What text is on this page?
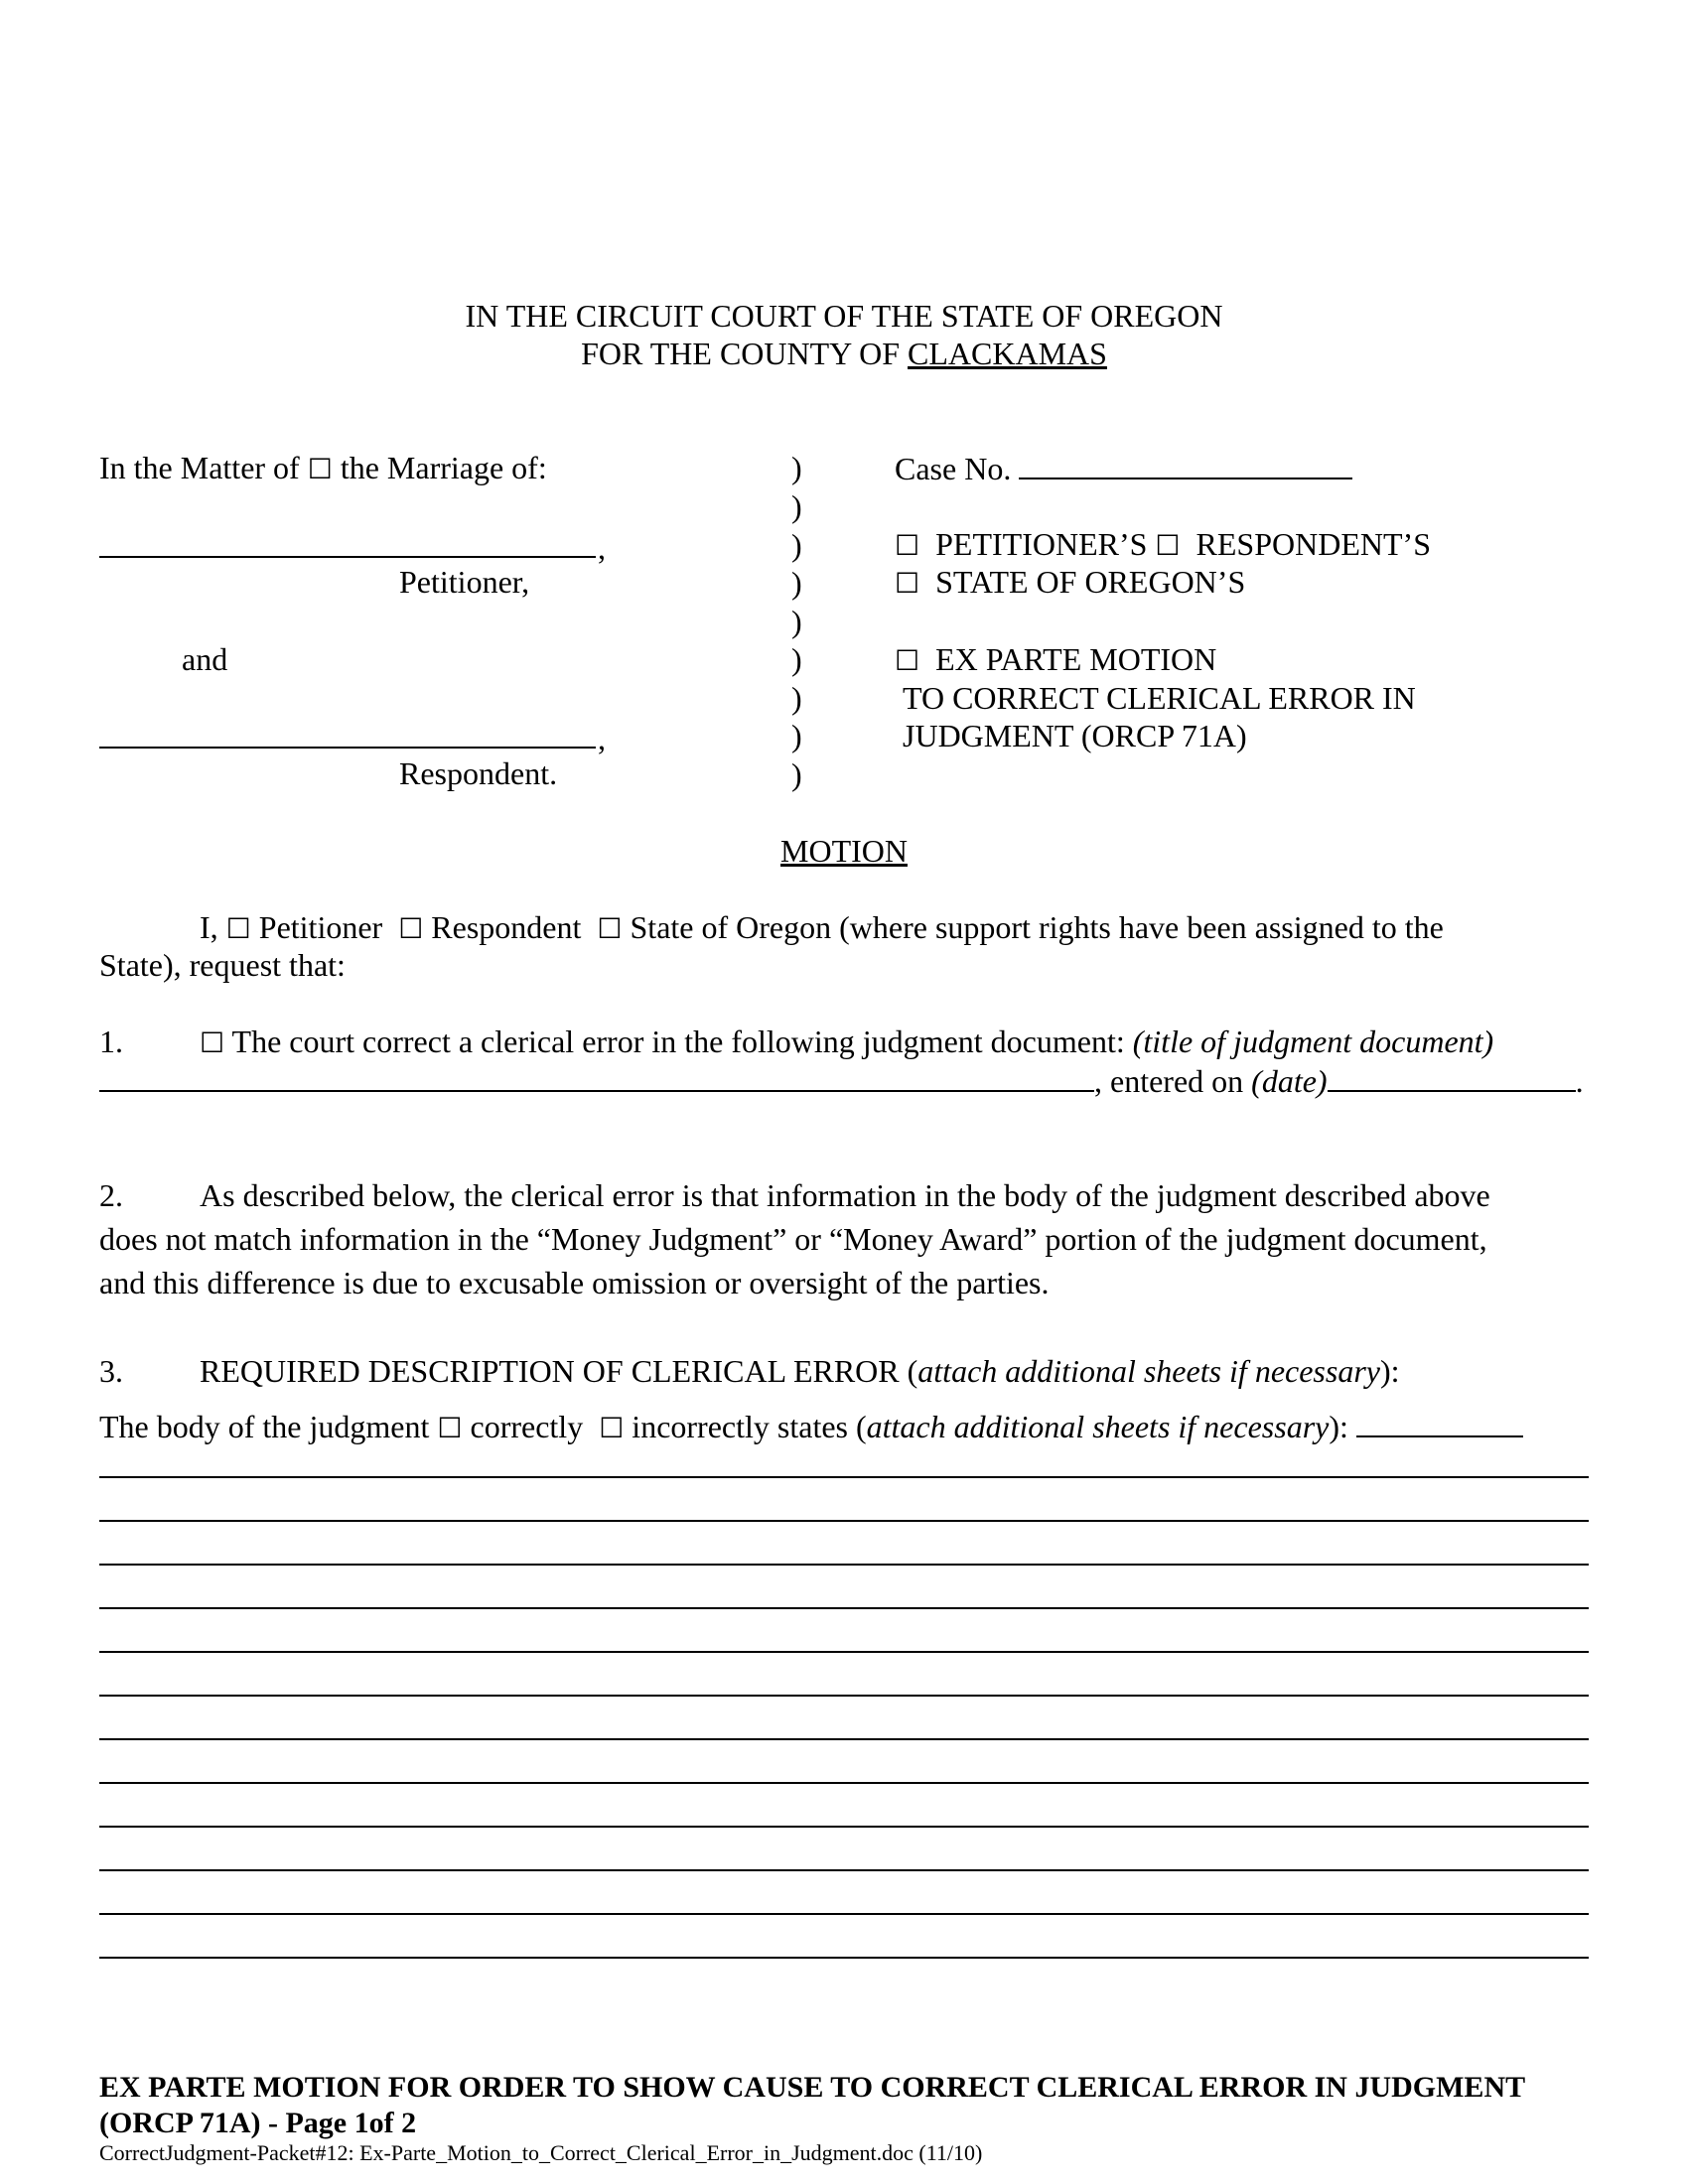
IN THE CIRCUIT COURT OF THE STATE OF OREGON
FOR THE COUNTY OF CLACKAMAS
In the Matter of ☐ the Marriage of:
,
Petitioner,
and
,
Respondent.
)
)
)
)
)
)
)
)
)
Case No.
☐ PETITIONER’S ☐ RESPONDENT’S
☐ STATE OF OREGON’S
☐ EX PARTE MOTION
TO CORRECT CLERICAL ERROR IN
JUDGMENT (ORCP 71A)
MOTION
I, ☐ Petitioner ☐ Respondent ☐ State of Oregon (where support rights have been assigned to the
State), request that:
1.	☐ The court correct a clerical error in the following judgment document: (title of judgment document)
, entered on (date)	.
2. As described below, the clerical error is that information in the body of the judgment described above
does not match information in the “Money Judgment” or “Money Award” portion of the judgment document,
and this difference is due to excusable omission or oversight of the parties.
3. REQUIRED DESCRIPTION OF CLERICAL ERROR (attach additional sheets if necessary):
The body of the judgment ☐ correctly  ☐ incorrectly states (attach additional sheets if necessary):
EX PARTE MOTION FOR ORDER TO SHOW CAUSE TO CORRECT CLERICAL ERROR IN JUDGMENT
(ORCP 71A) - Page 1of 2
CorrectJudgment-Packet#12: Ex-Parte_Motion_to_Correct_Clerical_Error_in_Judgment.doc (11/10)
